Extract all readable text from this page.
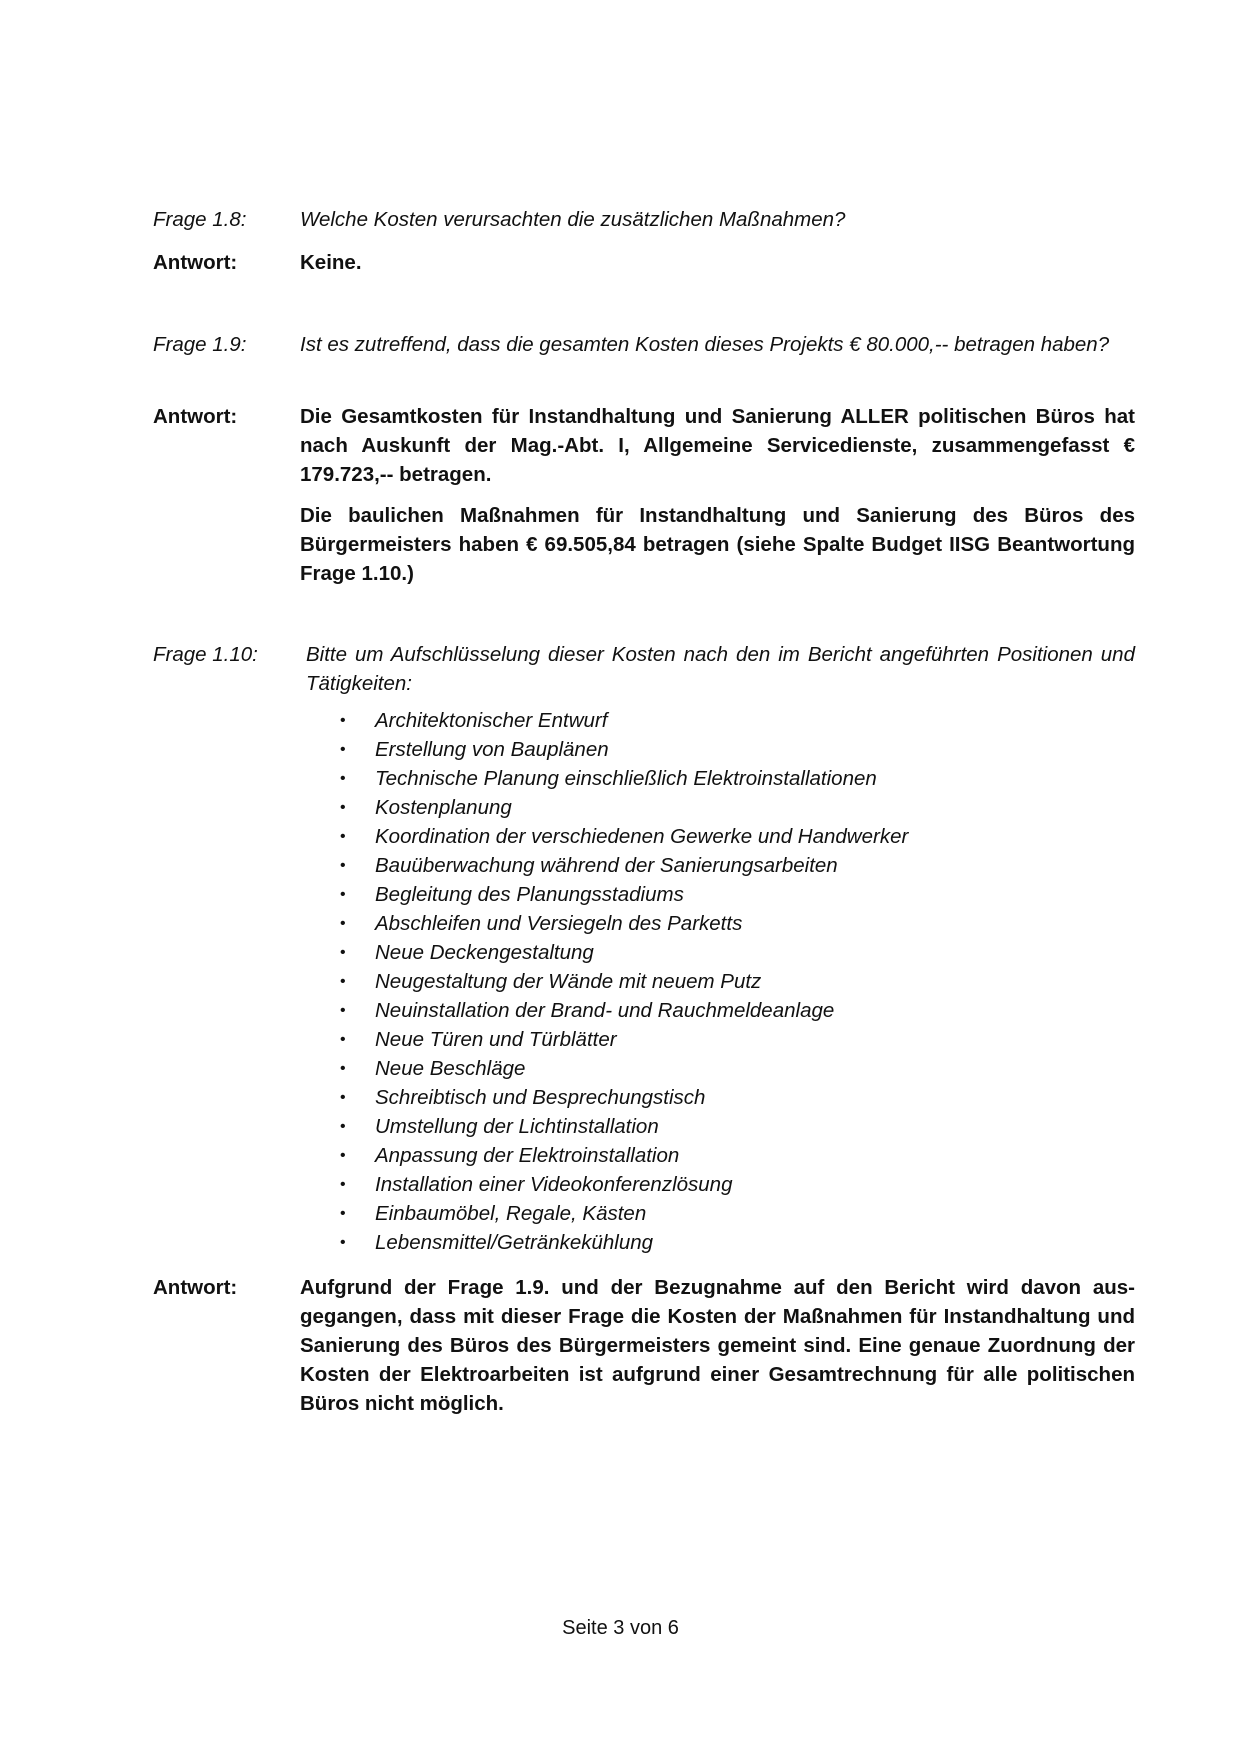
Frage 1.8:	Welche Kosten verursachten die zusätzlichen Maßnahmen?

Antwort:	Keine.

Frage 1.9:	Ist es zutreffend, dass die gesamten Kosten dieses Projekts € 80.000,-- betragen haben?

Antwort:	Die Gesamtkosten für Instandhaltung und Sanierung ALLER politischen Büros hat nach Auskunft der Mag.-Abt. I, Allgemeine Servicedienste, zusammengefasst € 179.723,-- betragen.

Die baulichen Maßnahmen für Instandhaltung und Sanierung des Büros des Bürgermeisters haben € 69.505,84 betragen (siehe Spalte Budget IISG Beantwortung Frage 1.10.)

Frage 1.10:	Bitte um Aufschlüsselung dieser Kosten nach den im Bericht angeführten Positionen und Tätigkeiten:

• Architektonischer Entwurf
• Erstellung von Bauplänen
• Technische Planung einschließlich Elektroinstallationen
• Kostenplanung
• Koordination der verschiedenen Gewerke und Handwerker
• Bauüberwachung während der Sanierungsarbeiten
• Begleitung des Planungsstadiums
• Abschleifen und Versiegeln des Parketts
• Neue Deckengestaltung
• Neugestaltung der Wände mit neuem Putz
• Neuinstallation der Brand- und Rauchmeldeanlage
• Neue Türen und Türblätter
• Neue Beschläge
• Schreibtisch und Besprechungstisch
• Umstellung der Lichtinstallation
• Anpassung der Elektroinstallation
• Installation einer Videokonferenzlösung
• Einbaumöbel, Regale, Kästen
• Lebensmittel/Getränkekühlung
Antwort:	Aufgrund der Frage 1.9. und der Bezugnahme auf den Bericht wird davon ausgegangen, dass mit dieser Frage die Kosten der Maßnahmen für Instandhaltung und Sanierung des Büros des Bürgermeisters gemeint sind. Eine genaue Zuordnung der Kosten der Elektroarbeiten ist aufgrund einer Gesamtrechnung für alle politischen Büros nicht möglich.

Seite 3 von 6
